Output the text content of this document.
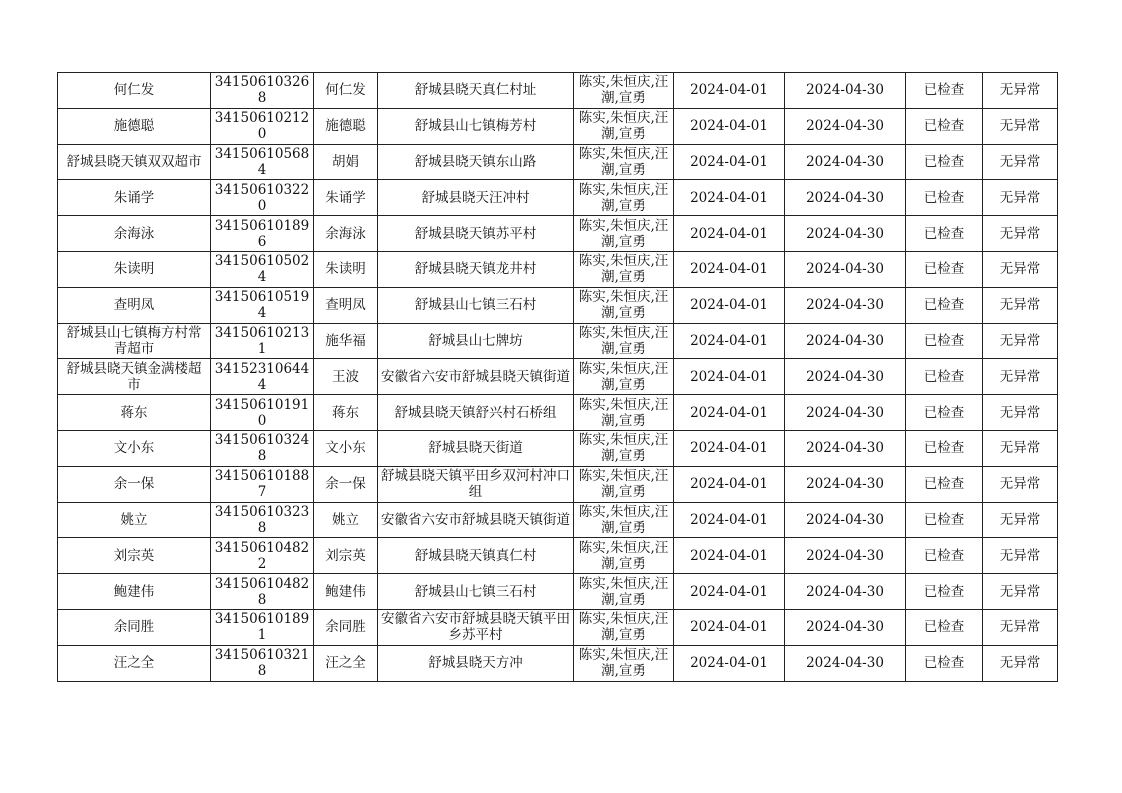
何仁发	341506103268	何仁发	舒城县晓天真仁村址	陈实,朱恒庆,汪潮,宣勇	2024-04-01	2024-04-30	已检查	无异常
施德聪	341506102120	施德聪	舒城县山七镇梅芳村	陈实,朱恒庆,汪潮,宣勇	2024-04-01	2024-04-30	已检查	无异常
舒城县晓天镇双双超市	341506105684	胡娟	舒城县晓天镇东山路	陈实,朱恒庆,汪潮,宣勇	2024-04-01	2024-04-30	已检查	无异常
朱诵学	341506103220	朱诵学	舒城县晓天汪冲村	陈实,朱恒庆,汪潮,宣勇	2024-04-01	2024-04-30	已检查	无异常
余海泳	341506101896	余海泳	舒城县晓天镇苏平村	陈实,朱恒庆,汪潮,宣勇	2024-04-01	2024-04-30	已检查	无异常
朱读明	341506105024	朱读明	舒城县晓天镇龙井村	陈实,朱恒庆,汪潮,宣勇	2024-04-01	2024-04-30	已检查	无异常
查明凤	341506105194	查明凤	舒城县山七镇三石村	陈实,朱恒庆,汪潮,宣勇	2024-04-01	2024-04-30	已检查	无异常
舒城县山七镇梅方村常青超市	341506102131	施华福	舒城县山七牌坊	陈实,朱恒庆,汪潮,宣勇	2024-04-01	2024-04-30	已检查	无异常
舒城县晓天镇金满楼超市	341523106444	王波	安徽省六安市舒城县晓天镇街道	陈实,朱恒庆,汪潮,宣勇	2024-04-01	2024-04-30	已检查	无异常
蒋东	341506101910	蒋东	舒城县晓天镇舒兴村石桥组	陈实,朱恒庆,汪潮,宣勇	2024-04-01	2024-04-30	已检查	无异常
文小东	341506103248	文小东	舒城县晓天街道	陈实,朱恒庆,汪潮,宣勇	2024-04-01	2024-04-30	已检查	无异常
余一保	341506101887	余一保	舒城县晓天镇平田乡双河村冲口组	陈实,朱恒庆,汪潮,宣勇	2024-04-01	2024-04-30	已检查	无异常
姚立	341506103238	姚立	安徽省六安市舒城县晓天镇街道	陈实,朱恒庆,汪潮,宣勇	2024-04-01	2024-04-30	已检查	无异常
刘宗英	341506104822	刘宗英	舒城县晓天镇真仁村	陈实,朱恒庆,汪潮,宣勇	2024-04-01	2024-04-30	已检查	无异常
鲍建伟	341506104828	鲍建伟	舒城县山七镇三石村	陈实,朱恒庆,汪潮,宣勇	2024-04-01	2024-04-30	已检查	无异常
余同胜	341506101891	余同胜	安徽省六安市舒城县晓天镇平田乡苏平村	陈实,朱恒庆,汪潮,宣勇	2024-04-01	2024-04-30	已检查	无异常
汪之全	341506103218	汪之全	舒城县晓天方冲	陈实,朱恒庆,汪潮,宣勇	2024-04-01	2024-04-30	已检查	无异常
